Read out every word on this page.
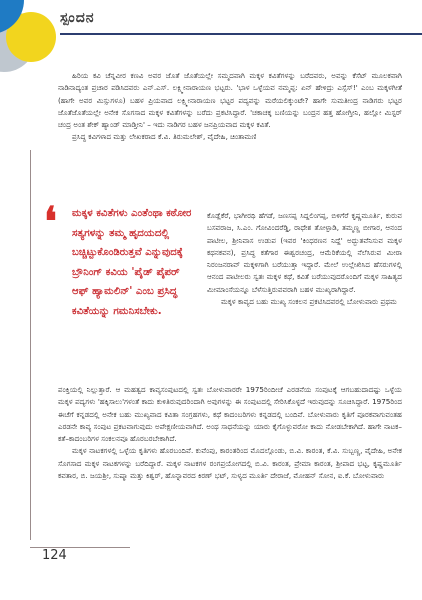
ಸ್ಪಂದನ

ಹಿರಿಯ ಕವಿ ಚೆನ್ನವೀರ ಕಣವಿ ಅವರ ಜೊತೆ ಜೊತೆಯಲ್ಲೇ ಸಮ್ಮದವಾಗಿ ಮಕ್ಕಳ ಕವಿತೆಗಳನ್ನು ಬರೆದವರು, ಅವನ್ನು ಕೆಸೆಟ್ ಮೂಲಕವಾಗಿ ನಾಡಿನಾದ್ಯಂತ ಪ್ರಚಾರ ಪಡಿಸಿದವರು ಎನ್.ಎಸ್. ಲಕ್ಷ್ಮೀನಾರಾಯಣ ಭಟ್ಟರು. 'ಭಾಳ ಒಳ್ಳೆಯವ ನಮ್ಮಪ್ಪ: ಏನ್ ಹೇಳಿದ್ರು ಎಸ್ಸೆಸ್!' ಎಂಬ ಮಕ್ಕಳಗೀತೆ (ಹಾಗೇ ಅವರ ಮಿಸ್ಸುಗಳೂ) ಬಹಳ ಪ್ರಿಯವಾದ ಲಕ್ಷ್ಮೀನಾರಾಯಣ ಭಟ್ಟರ ಪದ್ಯವನ್ನು ಮರೆಯಲಿಕ್ಕುಂಟೇ? ಹಾಗೇ ಸುಮತೀಂದ್ರ ನಾಡಿಗರು ಭಟ್ಟರ ಜೊತೆಜೊತೆಯಲ್ಲೇ ಅನೇಕ ಸೊಗಸಾದ ಮಕ್ಕಳ ಕವಿತೆಗಳನ್ನು ಬರೆದು ಪ್ರಕಟಿಸಿದ್ದಾರೆ. 'ಚಕಾಚಕ್ಕ ಬಣಿಯನ್ನು ಬಂದ್ರನ ಹತ್ತ ಹೋಗ್ತೀನಿ, ಹಲ್ಲೋ ಮಿಸ್ಟರ್ ಚಂದ್ರ ಅಂತ ಶೇಕ್ ಹ್ಯಾಂಡ್ ಮಾಡ್ತೀನಿ' – ಇದು ನಾಡಿಗರ ಬಹಳ ಜನಪ್ರಿಯವಾದ ಮಕ್ಕಳ ಕವಿತೆ.

ಪ್ರಸಿದ್ಧ ಕವಿಗಳಾದ ಮತ್ತು ಲೇಖಕರಾದ ಕೆ.ವಿ. ತಿರುಮಲೇಶ್, ವೈದೇಹಿ, ಚಿಂತಾಮಣಿ

❛ ಮಕ್ಕಳ ಕವಿತೆಗಳು ಎಂತೆಂಥಾ ಕಠೋರ ಸತ್ಯಗಳನ್ನು ತಮ್ಮ ಹೃದಯದಲ್ಲಿ ಬಚ್ಚಿಟ್ಟುಕೊಂಡಿರುತ್ತವೆ ಎನ್ನುವುದಕ್ಕೆ ಬ್ರೌನಿಂಗ್ ಕವಿಯ 'ಪೈಡ್ ಪೈಪರ್ ಆಫ್ ಹ್ಯಾಮಲಿನ್' ಎಂಬ ಪ್ರಸಿದ್ಧ ಕವಿತೆಯನ್ನು ಗಮನಿಸಬೇಕು.

ಕೊಡ್ಲೆಕೆರೆ, ಭಾಗೀರಥಿ ಹೆಗಡೆ, ಜಣಸಪ್ಪ ಸಿದ್ದಲಿಂಗಪ್ಪ, ಬಿಳಿಗೆರೆ ಕೃಷ್ಣಮೂರ್ತಿ, ಕುರುವ ಬಸವರಾಜ, ಸಿ.ಎಂ. ಗೋವಿಂದರೆಡ್ಡಿ, ರಾಧೇಶ ತೋಳ್ಪಾಡಿ, ತಮ್ಮಣ್ಣ ಬೀಗಾರ, ಆನಂದ ಪಾಟೀಲ, ಶ್ರೀನಿವಾಸ ಉಡುಪ (ಇವರ 'ಕಿಂಧರಣನ ನಿದ್ದೆ' ಅದ್ಭುತವೆನಿಸುವ ಮಕ್ಕಳ ಕಥನಕವನ), ಪ್ರಸಿದ್ಧ ಕತೆಗಾರ ಈಶ್ವರಚಂದ್ರ, ಆಮೆರಿಕೆಯಲ್ಲಿ ನೆಲೆಸಿರುವ ಮೀರಾ ನಿರಂಜನರಾವ್ ಮಕ್ಕಳಿಗಾಗಿ ಬರೆಯುತ್ತಾ ಇದ್ದಾರೆ. ಮೇಲೆ ಉಲ್ಲೇಖಿಸಿದ ಹೆಸರುಗಳಲ್ಲಿ ಆನಂದ ಪಾಟೀಲರು ಸ್ವತಃ ಮಕ್ಕಳ ಕಥೆ, ಕವಿತೆ ಬರೆಯುವುದರೊಂದಿಗೆ ಮಕ್ಕಳ ಸಾಹಿತ್ಯದ ಮೀಮಾಂಸೆಯನ್ನೂ ಬೆಳೆಸುತ್ತಿರುವವರಾಗಿ ಬಹಳ ಮುಖ್ಯರಾಗಿದ್ದಾರೆ.

ಮಕ್ಕಳ ಕಾವ್ಯದ ಬಹು ಮುಖ್ಯ ಸಂಕಲನ ಪ್ರಕಟಿಸಿದವರಲ್ಲಿ ಬೋಳುವಾರು ಪ್ರಥಮ

ಪಂಕ್ತಿಯಲ್ಲಿ ನಿಲ್ಲುತ್ತಾರೆ. ಆ ಮಹತ್ವದ ಕಾವ್ಯಸಂಪುಟದಲ್ಲಿ ಸ್ವತಃ ಬೋಳುವಾರರೇ 1975ರಿಂದೀಚೆ ಎರಡನೆಯ ಸಂಪುಟಕ್ಕೆ ಆಗಬಹುದಾದಷ್ಟು ಒಳ್ಳೆಯ ಮಕ್ಕಳ ಪದ್ಯಗಳು 'ಹಕ್ಕಿಸಾಲು'ಗಳಂತೆ ಕಾದು ಕುಳಿತಿರುವುದರಿಂದಾಗಿ ಅವುಗಳನ್ನು ಈ ಸಂಪುಟದಲ್ಲಿ ಸೇರಿಸಿಕೊಳ್ಳದೆ ಇರುವುದನ್ನು ಸೂಚಿಸಿದ್ದಾರೆ. 1975ರಿಂದ ಈಚೆಗೆ ಕನ್ನಡದಲ್ಲಿ ಅನೇಕ ಬಹು ಮುಖ್ಯವಾದ ಕವಿತಾ ಸಂಗ್ರಹಗಳು, ಕಥೆ ಕಾದಂಬರಿಗಳು ಕನ್ನಡದಲ್ಲಿ ಬಂದಿವೆ. ಬೋಳುವಾರು ಕೃತಿಗೆ ಪೂರಕವಾಗುವಂತಹ ಎರಡನೇ ಕಾವ್ಯ ಸಂಪುಟ ಪ್ರಕಟವಾಗುವುದು ಅಪೇಕ್ಷಣೀಯವಾಗಿದೆ. ಅಂಥ ಸಾಧನೆಯನ್ನು ಯಾರು ಕೈಗೊಳ್ಳುವರೋ ಕಾದು ನೋಡಬೇಕಾಗಿದೆ. ಹಾಗೇ ನಾಟಕ–ಕತೆ–ಕಾದಂಬರಿಗಳ ಸಂಕಲನವೂ ಹೊರಬರಬೇಕಾಗಿದೆ.

ಮಕ್ಕಳ ನಾಟಕಗಳಲ್ಲಿ ಒಳ್ಳೆಯ ಕೃತಿಗಳು ಹೊರಬಂದಿವೆ. ಕುವೆಂಪು, ಕಾರಂತರಿಂದ ಮೊದಲ್ಗೊಂಡು, ಬಿ.ವಿ. ಕಾರಂತ, ಕೆ.ವಿ. ಸುಬ್ಬಣ್ಣ, ವೈದೇಹಿ, ಅನೇಕ ಸೊಗಸಾದ ಮಕ್ಕಳ ನಾಟಕಗಳನ್ನು ಬರೆದಿದ್ದಾರೆ. ಮಕ್ಕಳ ನಾಟಕಗಳ ರಂಗಪ್ರಯೋಗದಲ್ಲಿ ಬಿ.ವಿ. ಕಾರಂತ, ಪ್ರೇಮಾ ಕಾರಂತ, ಶ್ರೀಪಾದ ಭಟ್ಟ, ಕೃಷ್ಣಮೂರ್ತಿ ಕವತಾರ, ಬಿ. ಜಯಶ್ರೀ, ಸುಷ್ಮಾ ಮತ್ತು ಕಿಶ್ವರ್, ಹೊನ್ನಾವರದ ಕಿರಣ್ ಭಟ್, ಸುಳ್ಯದ ಮೂರ್ತಿ ದೇರಾಜೆ, ಮೋಹನ್ ಸೋನ, ಐ.ಕೆ. ಬೋಳುವಾರು

124
